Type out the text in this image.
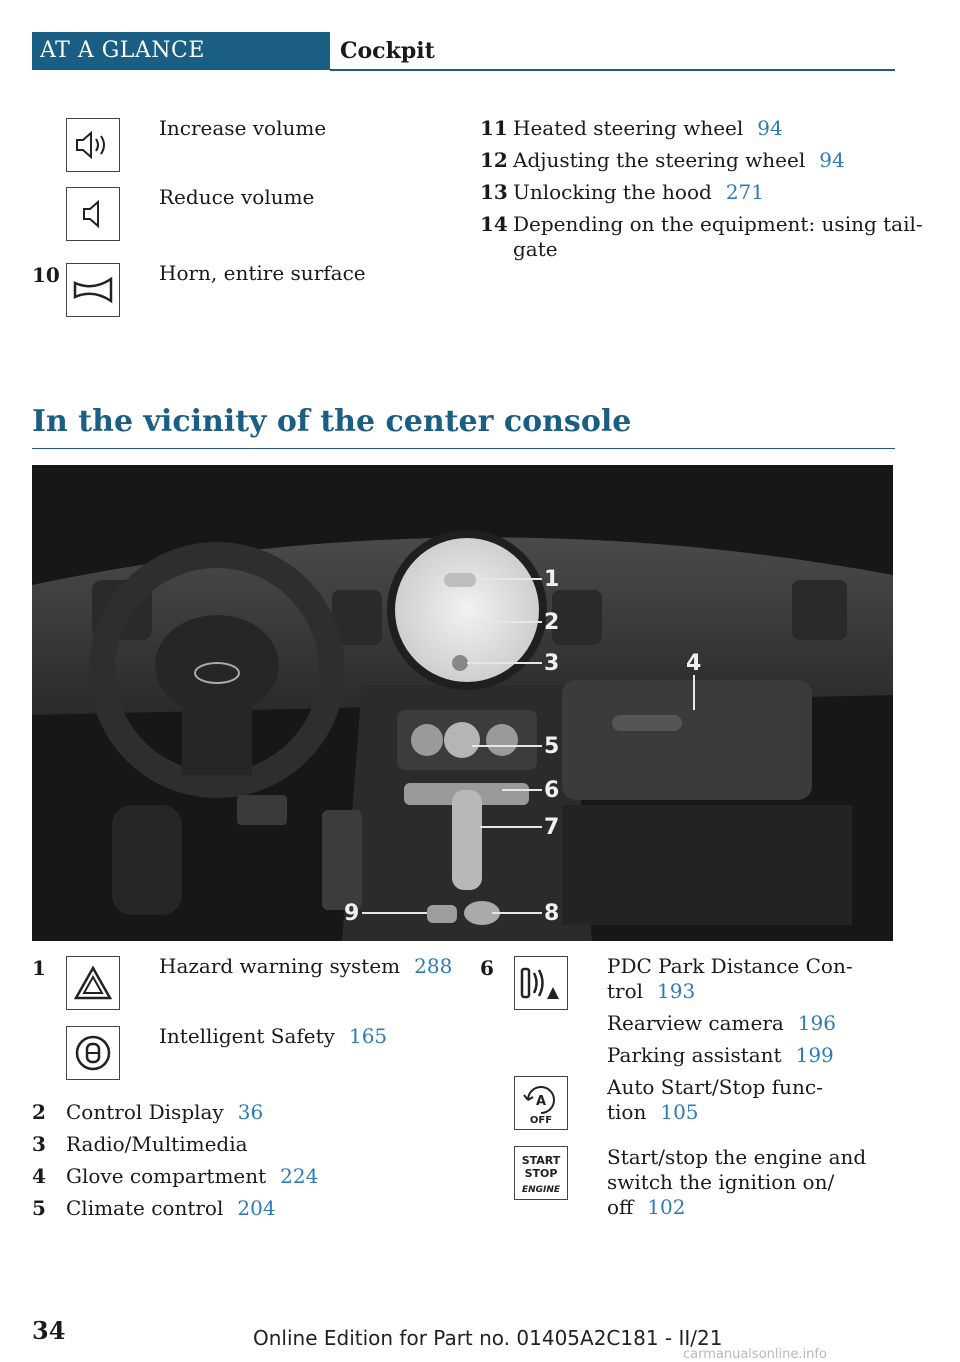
AT A GLANCE	Cockpit
Increase volume
Reduce volume
10	Horn, entire surface
11 Heated steering wheel 94
12 Adjusting the steering wheel 94
13 Unlocking the hood 271
14 Depending on the equipment: using tail-
gate
In the vicinity of the center console
1
2
3	4
5
6
7
8
9
1	Hazard warning system 288
Intelligent Safety 165
2 Control Display 36
3 Radio/Multimedia
4 Glove compartment 224
5 Climate control 204
6	PDC Park Distance Con-
trol 193
Rearview camera 196
Parking assistant 199
A
OFF
Auto Start/Stop func-
tion 105
START
STOP
ENGINE
Start/stop the engine and
switch the ignition on/
off 102
34	Online Edition for Part no. 01405A2C181 - II/21
carmanualsonline.info
